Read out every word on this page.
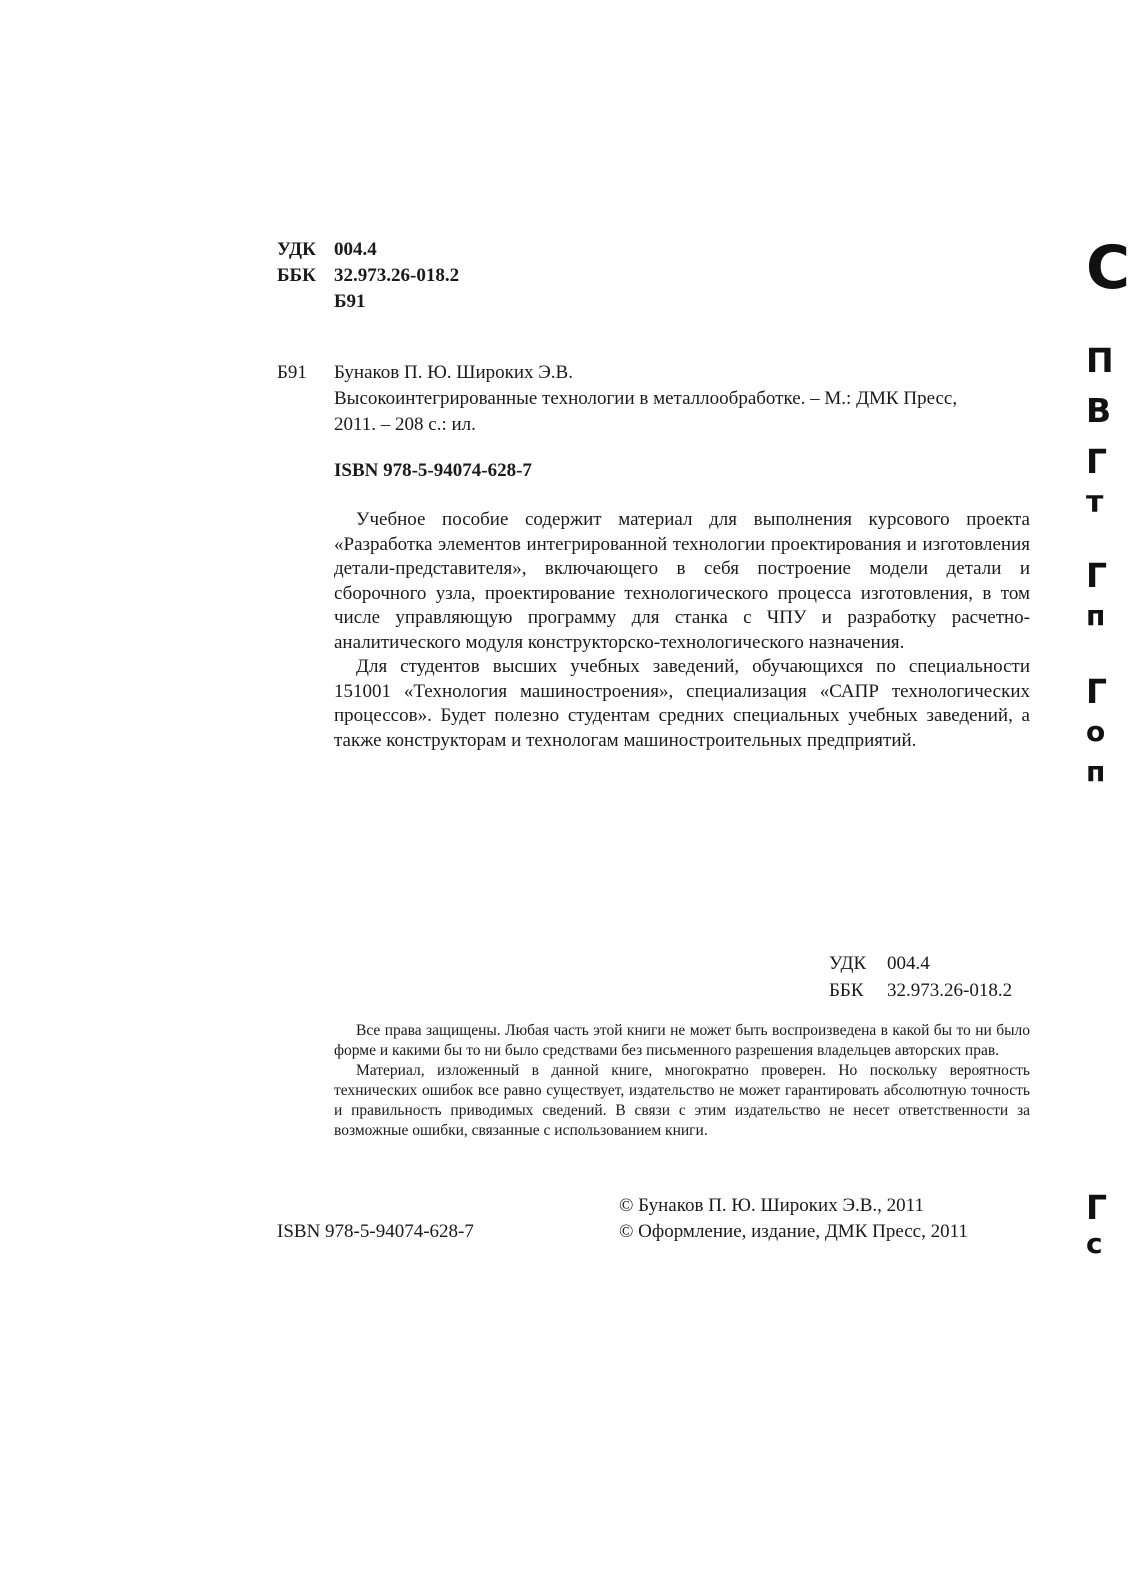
УДК 004.4
ББК 32.973.26-018.2
Б91
Б91 Бунаков П. Ю. Широких Э.В.
Высокоинтегрированные технологии в металлообработке. – М.: ДМК Пресс,
2011. – 208 с.: ил.
ISBN 978-5-94074-628-7

Учебное пособие содержит материал для выполнения курсового проекта «Разработка элементов интегрированной технологии проектирования и изготовления детали-представителя», включающего в себя построение модели детали и сборочного узла, проектирование технологического процесса изготовления, в том числе управляющую программу для станка с ЧПУ и разработку расчетно-аналитического модуля конструкторско-технологического назначения.

Для студентов высших учебных заведений, обучающихся по специальности 151001 «Технология машиностроения», специализация «САПР технологических процессов». Будет полезно студентам средних специальных учебных заведений, а также конструкторам и технологам машиностроительных предприятий.

УДК	004.4
ББК	32.973.26-018.2

Все права защищены. Любая часть этой книги не может быть воспроизведена в какой бы то ни было форме и какими бы то ни было средствами без письменного разрешения владельцев авторских прав.

Материал, изложенный в данной книге, многократно проверен. Но поскольку вероятность технических ошибок все равно существует, издательство не может гарантировать абсолютную точность и правильность приводимых сведений. В связи с этим издательство не несет ответственности за возможные ошибки, связанные с использованием книги.

ISBN 978-5-94074-628-7
© Бунаков П. Ю. Широких Э.В., 2011
© Оформление, издание, ДМК Пресс, 2011
С
П
В
Г
т
Г
п
Г
о
п
Г
с
